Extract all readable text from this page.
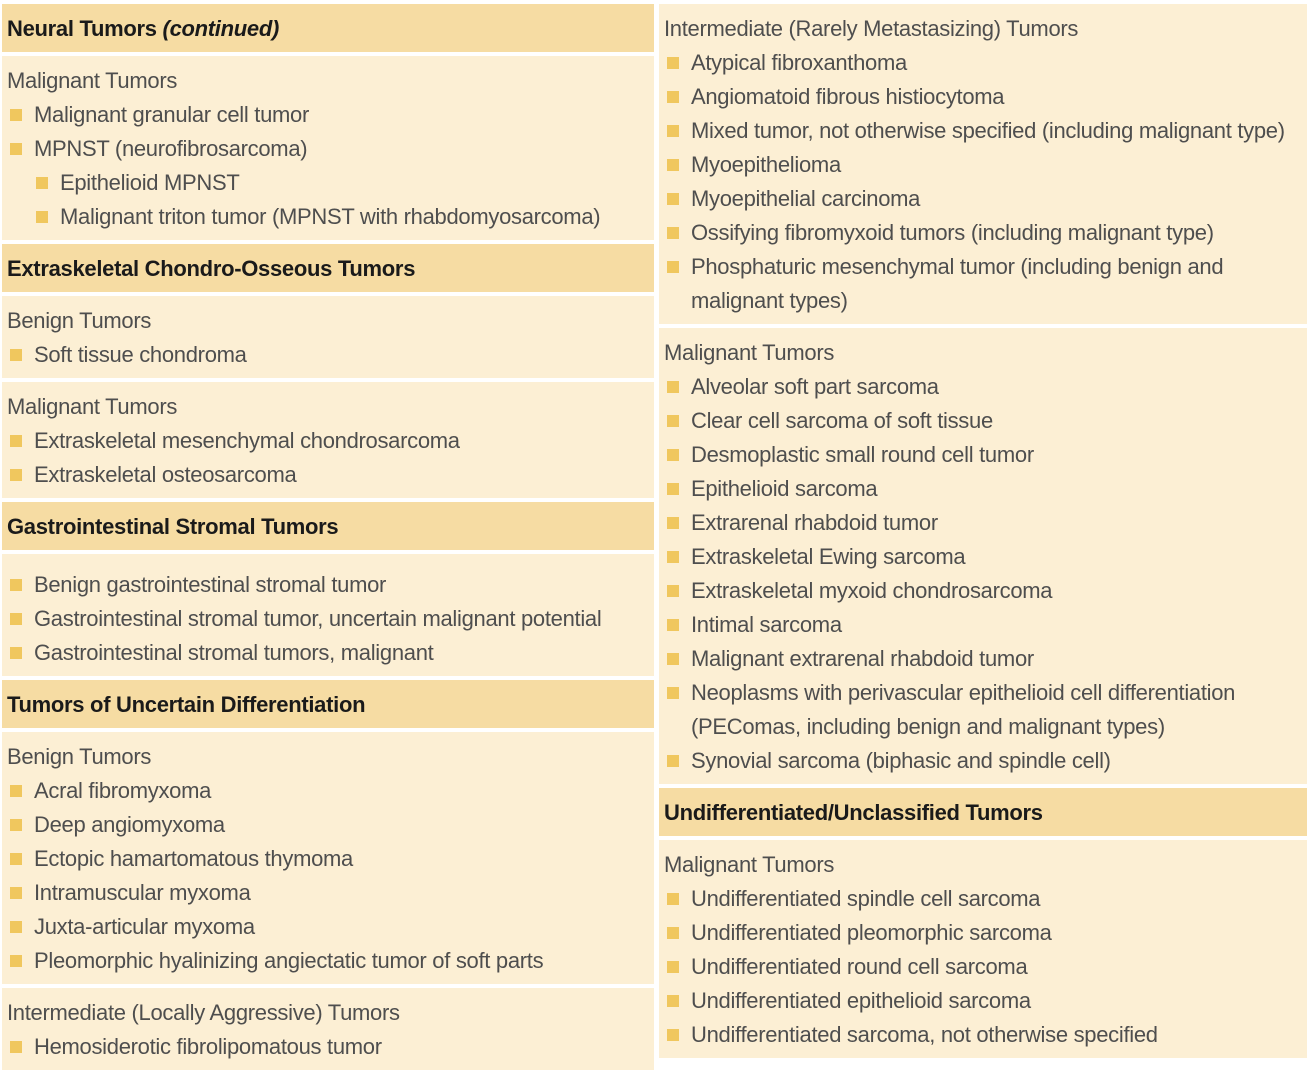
Neural Tumors (continued)
Malignant Tumors
Malignant granular cell tumor
MPNST (neurofibrosarcoma)
Epithelioid MPNST
Malignant triton tumor (MPNST with rhabdomyosarcoma)
Extraskeletal Chondro-Osseous Tumors
Benign Tumors
Soft tissue chondroma
Malignant Tumors
Extraskeletal mesenchymal chondrosarcoma
Extraskeletal osteosarcoma
Gastrointestinal Stromal Tumors
Benign gastrointestinal stromal tumor
Gastrointestinal stromal tumor, uncertain malignant potential
Gastrointestinal stromal tumors, malignant
Tumors of Uncertain Differentiation
Benign Tumors
Acral fibromyxoma
Deep angiomyxoma
Ectopic hamartomatous thymoma
Intramuscular myxoma
Juxta-articular myxoma
Pleomorphic hyalinizing angiectatic tumor of soft parts
Intermediate (Locally Aggressive) Tumors
Hemosiderotic fibrolipomatous tumor
Intermediate (Rarely Metastasizing) Tumors
Atypical fibroxanthoma
Angiomatoid fibrous histiocytoma
Mixed tumor, not otherwise specified (including malignant type)
Myoepithelioma
Myoepithelial carcinoma
Ossifying fibromyxoid tumors (including malignant type)
Phosphaturic mesenchymal tumor (including benign and malignant types)
Malignant Tumors
Alveolar soft part sarcoma
Clear cell sarcoma of soft tissue
Desmoplastic small round cell tumor
Epithelioid sarcoma
Extrarenal rhabdoid tumor
Extraskeletal Ewing sarcoma
Extraskeletal myxoid chondrosarcoma
Intimal sarcoma
Malignant extrarenal rhabdoid tumor
Neoplasms with perivascular epithelioid cell differentiation (PEComas, including benign and malignant types)
Synovial sarcoma (biphasic and spindle cell)
Undifferentiated/Unclassified Tumors
Malignant Tumors
Undifferentiated spindle cell sarcoma
Undifferentiated pleomorphic sarcoma
Undifferentiated round cell sarcoma
Undifferentiated epithelioid sarcoma
Undifferentiated sarcoma, not otherwise specified
